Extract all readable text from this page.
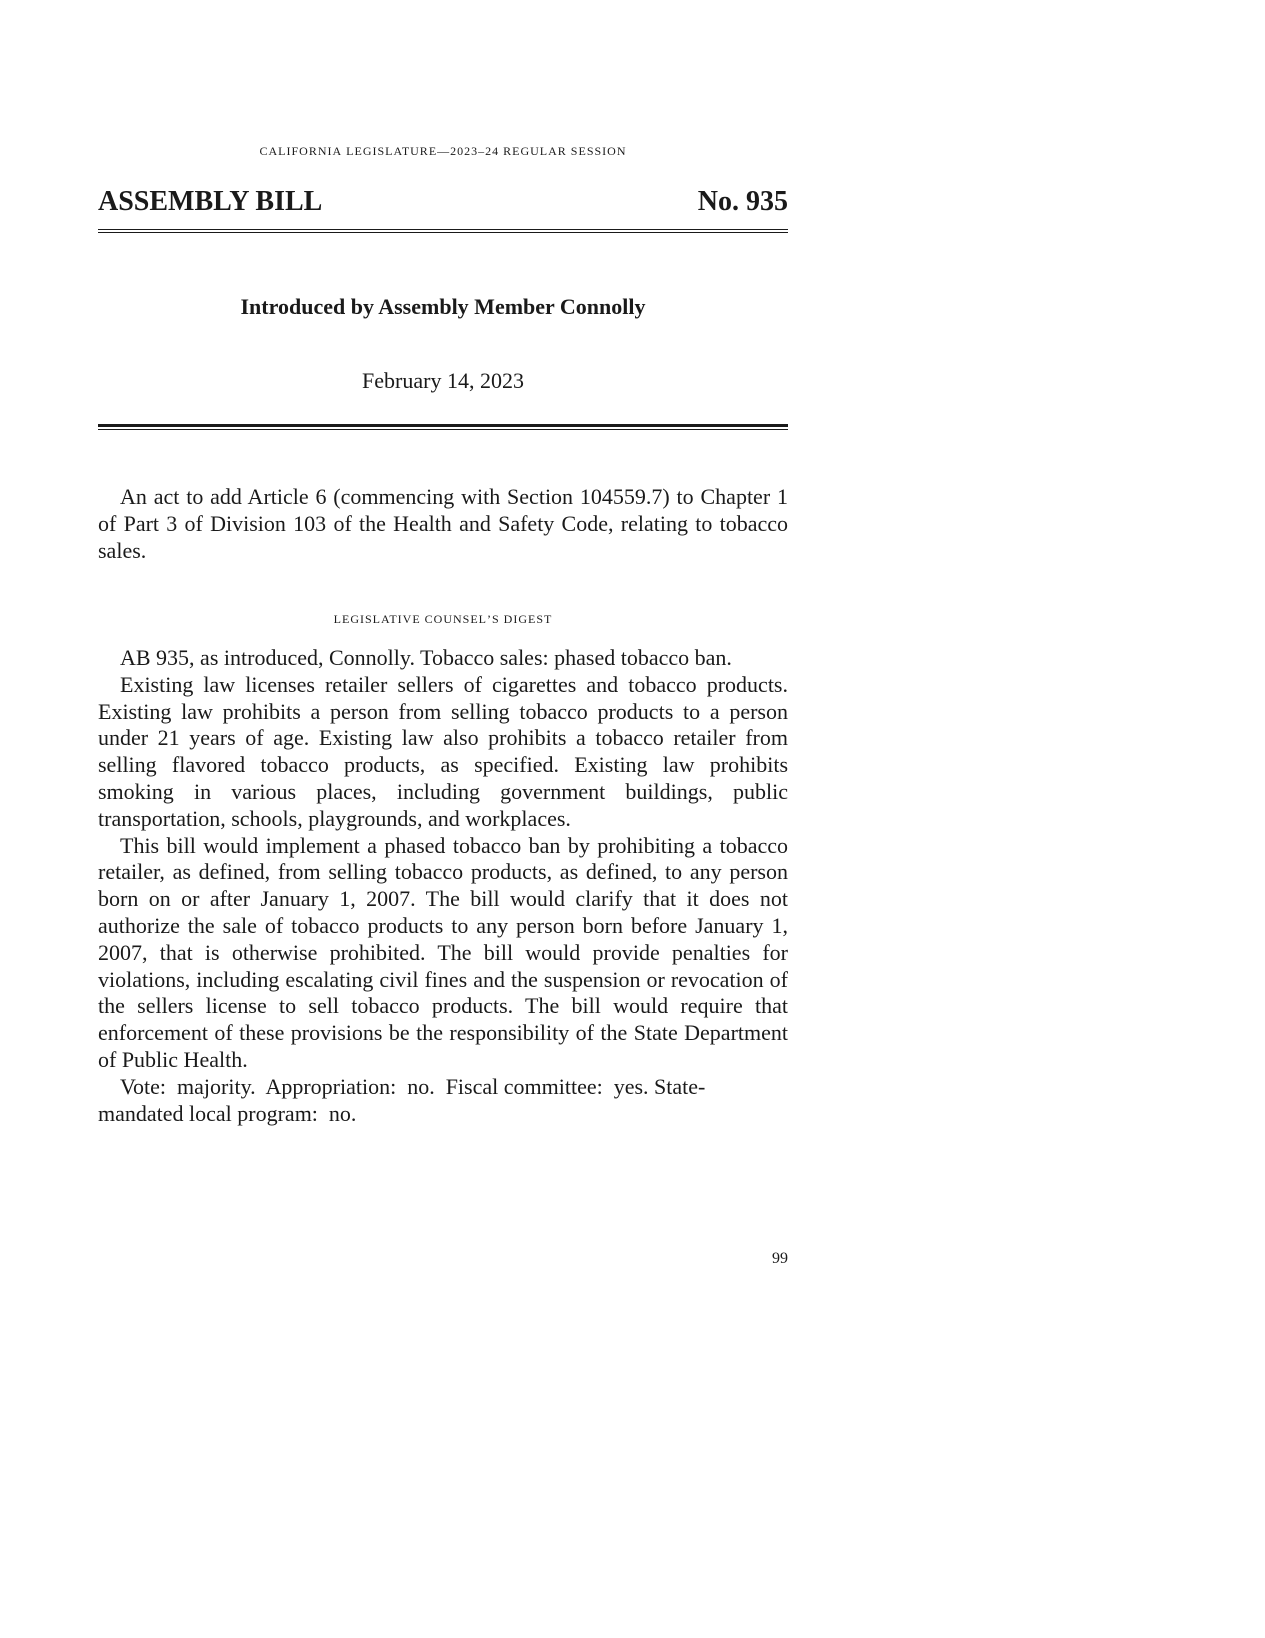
california legislature—2023–24 regular session
ASSEMBLY BILL	No. 935
Introduced by Assembly Member Connolly
February 14, 2023

An act to add Article 6 (commencing with Section 104559.7) to Chapter 1 of Part 3 of Division 103 of the Health and Safety Code, relating to tobacco sales.

legislative counsel’s digest

AB 935, as introduced, Connolly. Tobacco sales: phased tobacco ban.

Existing law licenses retailer sellers of cigarettes and tobacco products. Existing law prohibits a person from selling tobacco products to a person under 21 years of age. Existing law also prohibits a tobacco retailer from selling flavored tobacco products, as specified. Existing law prohibits smoking in various places, including government buildings, public transportation, schools, playgrounds, and workplaces.

This bill would implement a phased tobacco ban by prohibiting a tobacco retailer, as defined, from selling tobacco products, as defined, to any person born on or after January 1, 2007. The bill would clarify that it does not authorize the sale of tobacco products to any person born before January 1, 2007, that is otherwise prohibited. The bill would provide penalties for violations, including escalating civil fines and the suspension or revocation of the sellers license to sell tobacco products. The bill would require that enforcement of these provisions be the responsibility of the State Department of Public Health.

Vote:  majority.  Appropriation:  no.  Fiscal committee:  yes. State-mandated local program:  no.

99
